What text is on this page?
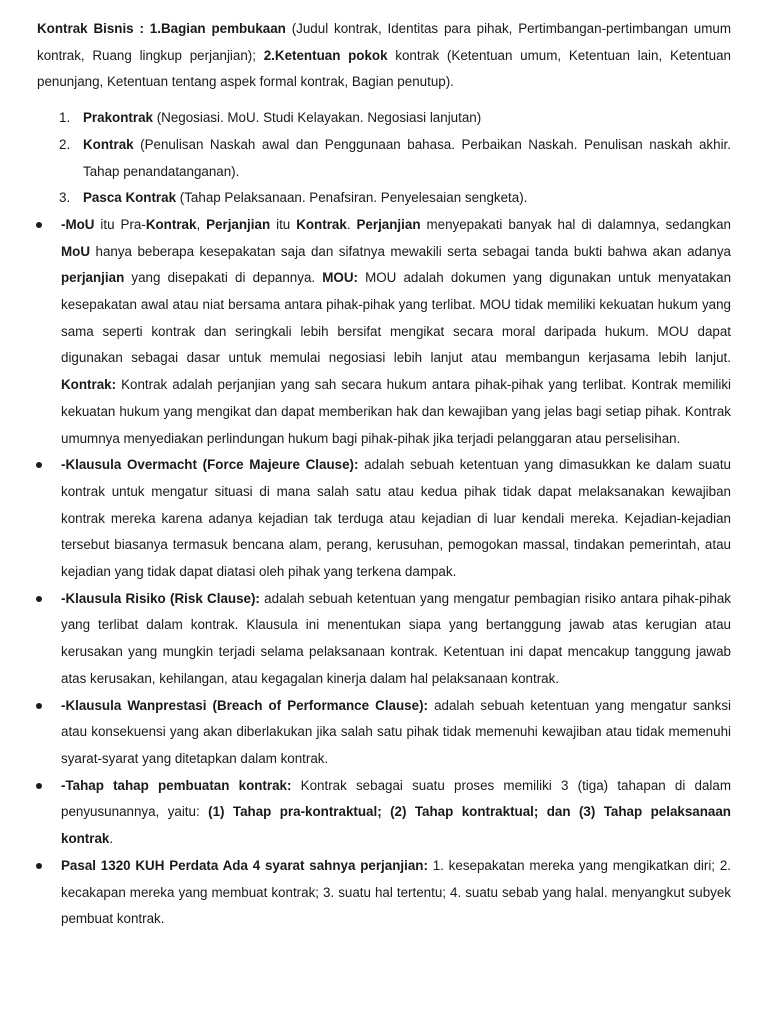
Kontrak Bisnis : 1.Bagian pembukaan (Judul kontrak, Identitas para pihak, Pertimbangan-pertimbangan umum kontrak, Ruang lingkup perjanjian); 2.Ketentuan pokok kontrak (Ketentuan umum, Ketentuan lain, Ketentuan penunjang, Ketentuan tentang aspek formal kontrak, Bagian penutup).

1. Prakontrak (Negosiasi. MoU. Studi Kelayakan. Negosiasi lanjutan)
2. Kontrak (Penulisan Naskah awal dan Penggunaan bahasa. Perbaikan Naskah. Penulisan naskah akhir. Tahap penandatanganan).
3. Pasca Kontrak (Tahap Pelaksanaan. Penafsiran. Penyelesaian sengketa).
-MoU itu Pra-Kontrak, Perjanjian itu Kontrak. Perjanjian menyepakati banyak hal di dalamnya, sedangkan MoU hanya beberapa kesepakatan saja dan sifatnya mewakili serta sebagai tanda bukti bahwa akan adanya perjanjian yang disepakati di depannya. MOU: MOU adalah dokumen yang digunakan untuk menyatakan kesepakatan awal atau niat bersama antara pihak-pihak yang terlibat. MOU tidak memiliki kekuatan hukum yang sama seperti kontrak dan seringkali lebih bersifat mengikat secara moral daripada hukum. MOU dapat digunakan sebagai dasar untuk memulai negosiasi lebih lanjut atau membangun kerjasama lebih lanjut. Kontrak: Kontrak adalah perjanjian yang sah secara hukum antara pihak-pihak yang terlibat. Kontrak memiliki kekuatan hukum yang mengikat dan dapat memberikan hak dan kewajiban yang jelas bagi setiap pihak. Kontrak umumnya menyediakan perlindungan hukum bagi pihak-pihak jika terjadi pelanggaran atau perselisihan.
-Klausula Overmacht (Force Majeure Clause): adalah sebuah ketentuan yang dimasukkan ke dalam suatu kontrak untuk mengatur situasi di mana salah satu atau kedua pihak tidak dapat melaksanakan kewajiban kontrak mereka karena adanya kejadian tak terduga atau kejadian di luar kendali mereka. Kejadian-kejadian tersebut biasanya termasuk bencana alam, perang, kerusuhan, pemogokan massal, tindakan pemerintah, atau kejadian yang tidak dapat diatasi oleh pihak yang terkena dampak.
-Klausula Risiko (Risk Clause): adalah sebuah ketentuan yang mengatur pembagian risiko antara pihak-pihak yang terlibat dalam kontrak. Klausula ini menentukan siapa yang bertanggung jawab atas kerugian atau kerusakan yang mungkin terjadi selama pelaksanaan kontrak. Ketentuan ini dapat mencakup tanggung jawab atas kerusakan, kehilangan, atau kegagalan kinerja dalam hal pelaksanaan kontrak.
-Klausula Wanprestasi (Breach of Performance Clause): adalah sebuah ketentuan yang mengatur sanksi atau konsekuensi yang akan diberlakukan jika salah satu pihak tidak memenuhi kewajiban atau tidak memenuhi syarat-syarat yang ditetapkan dalam kontrak.
-Tahap tahap pembuatan kontrak: Kontrak sebagai suatu proses memiliki 3 (tiga) tahapan di dalam penyusunannya, yaitu: (1) Tahap pra-kontraktual; (2) Tahap kontraktual; dan (3) Tahap pelaksanaan kontrak.
Pasal 1320 KUH Perdata Ada 4 syarat sahnya perjanjian: 1. kesepakatan mereka yang mengikatkan diri; 2. kecakapan mereka yang membuat kontrak; 3. suatu hal tertentu; 4. suatu sebab yang halal. menyangkut subyek pembuat kontrak.
